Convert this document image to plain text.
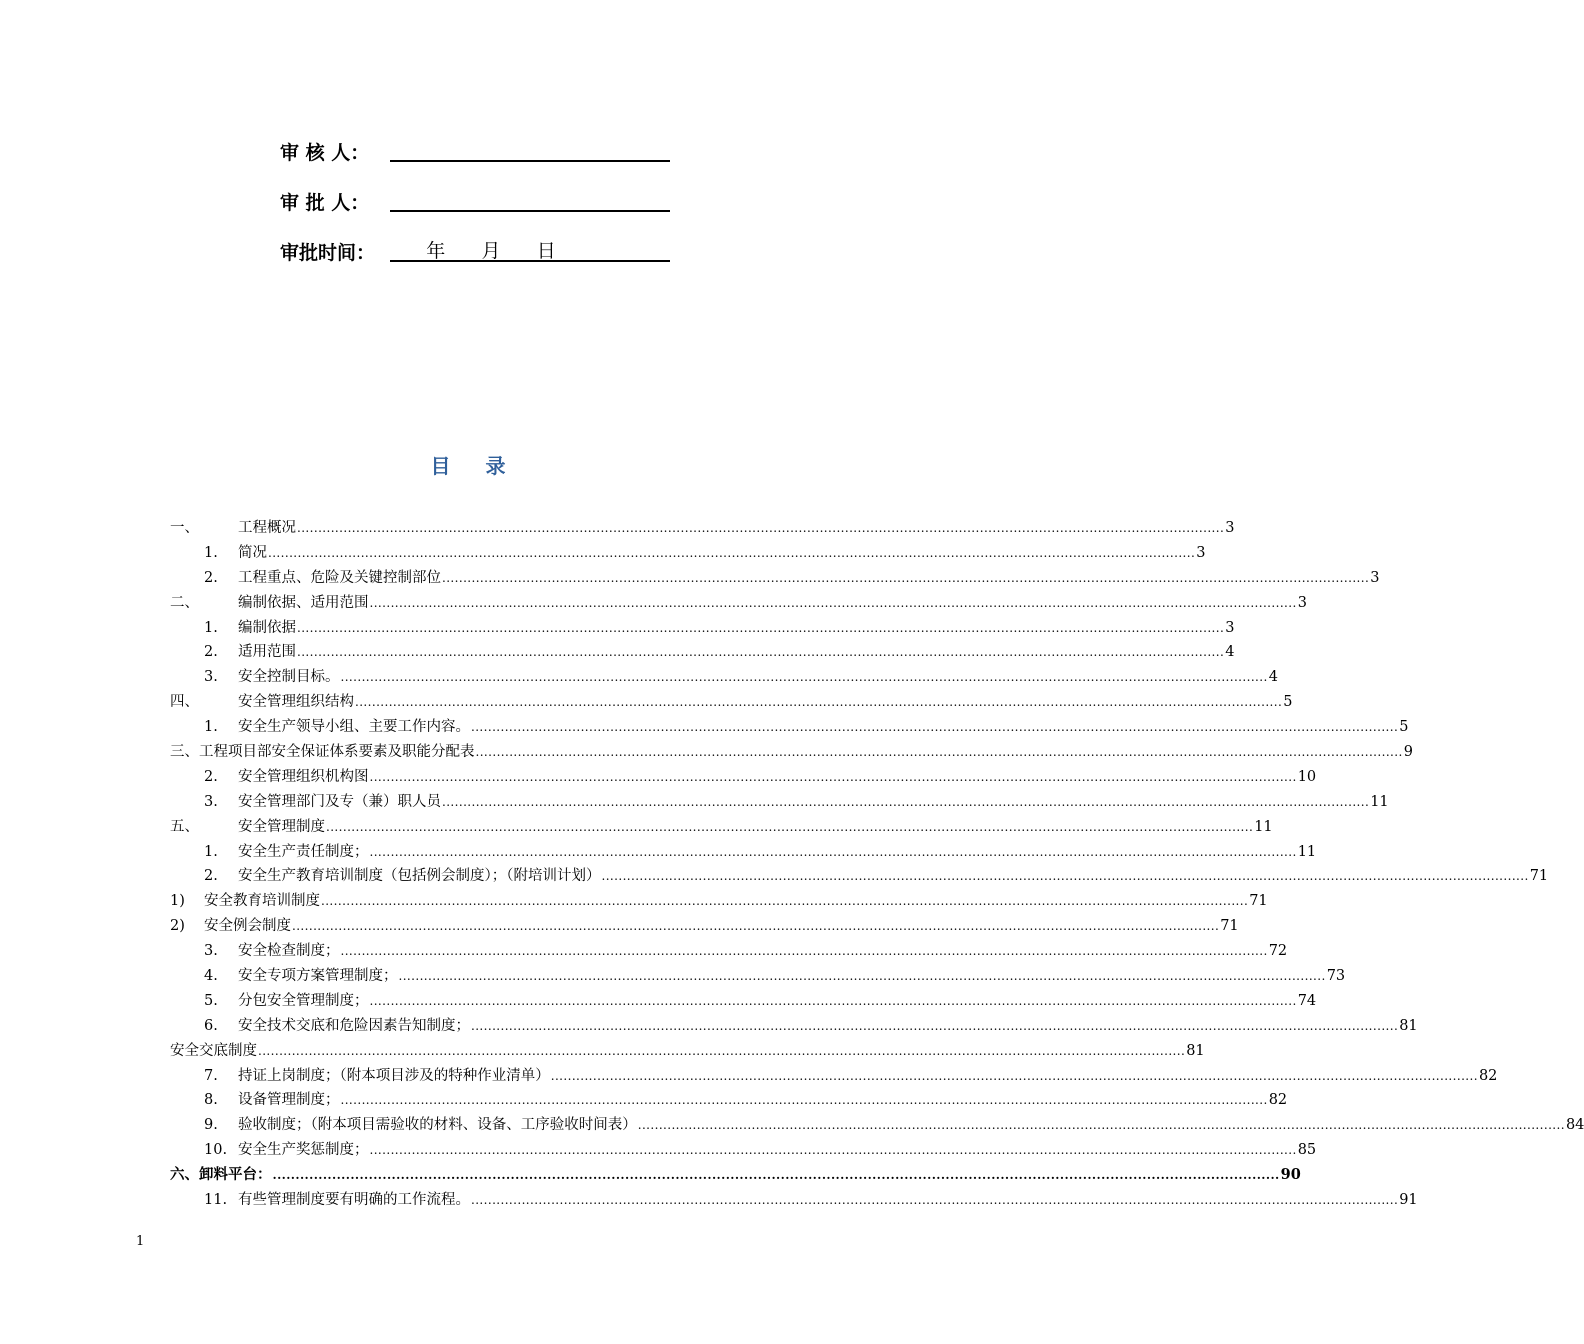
审 核 人：
审 批 人：
审批时间： 年      月      日
目 录
一、	工程概况 ............................................................................................................................................................................................................................ 3
1.	简况 ............................................................................................................................................................................................................................ 3
2.	工程重点、危险及关键控制部位 ............................................................................................................................................................................................................................ 3
二、	编制依据、适用范围 ............................................................................................................................................................................................................................ 3
1.	编制依据 ............................................................................................................................................................................................................................ 3
2.	适用范围 ............................................................................................................................................................................................................................ 4
3.	安全控制目标。 ............................................................................................................................................................................................................................ 4
四、	安全管理组织结构 ............................................................................................................................................................................................................................ 5
1.	安全生产领导小组、主要工作内容。 ............................................................................................................................................................................................................................ 5
三、工程项目部安全保证体系要素及职能分配表 ............................................................................................................................................................................................................................ 9
2.	安全管理组织机构图 ............................................................................................................................................................................................................................ 10
3.	安全管理部门及专（兼）职人员 ............................................................................................................................................................................................................................ 11
五、	安全管理制度 ............................................................................................................................................................................................................................ 11
1.	安全生产责任制度； ............................................................................................................................................................................................................................ 11
2.	安全生产教育培训制度（包括例会制度）；（附培训计划） ............................................................................................................................................................................................................................ 71
1)	安全教育培训制度 ............................................................................................................................................................................................................................ 71
2)	安全例会制度 ............................................................................................................................................................................................................................ 71
3.	安全检查制度； ............................................................................................................................................................................................................................ 72
4.	安全专项方案管理制度； ............................................................................................................................................................................................................................ 73
5.	分包安全管理制度； ............................................................................................................................................................................................................................ 74
6.	安全技术交底和危险因素告知制度； ............................................................................................................................................................................................................................ 81
安全交底制度 ............................................................................................................................................................................................................................ 81
7.	持证上岗制度；（附本项目涉及的特种作业清单） ............................................................................................................................................................................................................................ 82
8.	设备管理制度； ............................................................................................................................................................................................................................ 82
9.	验收制度；（附本项目需验收的材料、设备、工序验收时间表） ............................................................................................................................................................................................................................ 84
10. 安全生产奖惩制度； ............................................................................................................................................................................................................................ 85
六、卸料平台： ............................................................................................................................................................................................................................ 90
11. 有些管理制度要有明确的工作流程。 ............................................................................................................................................................................................................................ 91
1
